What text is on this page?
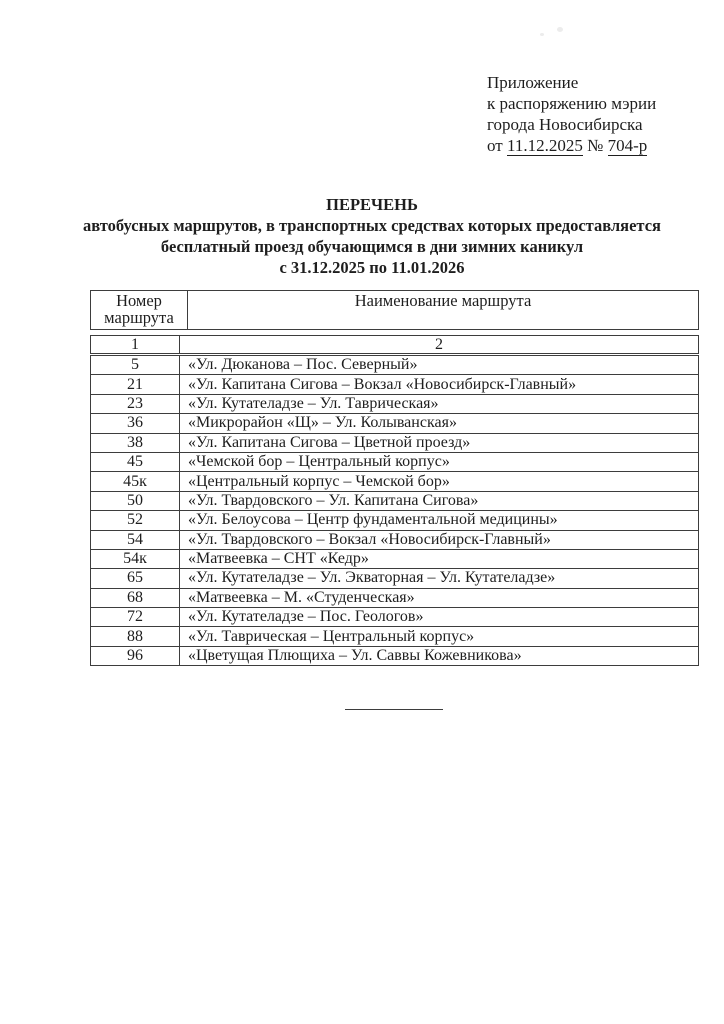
Приложение
к распоряжению мэрии
города Новосибирска
от 11.12.2025 № 704-р
ПЕРЕЧЕНЬ
автобусных маршрутов, в транспортных средствах которых предоставляется
бесплатный проезд обучающимся в дни зимних каникул
с 31.12.2025 по 11.01.2026
Номер маршрута	Наименование маршрута
1	2
5	«Ул. Дюканова – Пос. Северный»
21	«Ул. Капитана Сигова – Вокзал «Новосибирск-Главный»
23	«Ул. Кутателадзе – Ул. Таврическая»
36	«Микрорайон «Щ» – Ул. Колыванская»
38	«Ул. Капитана Сигова – Цветной проезд»
45	«Чемской бор – Центральный корпус»
45к	«Центральный корпус – Чемской бор»
50	«Ул. Твардовского – Ул. Капитана Сигова»
52	«Ул. Белоусова – Центр фундаментальной медицины»
54	«Ул. Твардовского – Вокзал «Новосибирск-Главный»
54к	«Матвеевка – СНТ «Кедр»
65	«Ул. Кутателадзе – Ул. Экваторная – Ул. Кутателадзе»
68	«Матвеевка – М. «Студенческая»
72	«Ул. Кутателадзе – Пос. Геологов»
88	«Ул. Таврическая – Центральный корпус»
96	«Цветущая Плющиха – Ул. Саввы Кожевникова»
